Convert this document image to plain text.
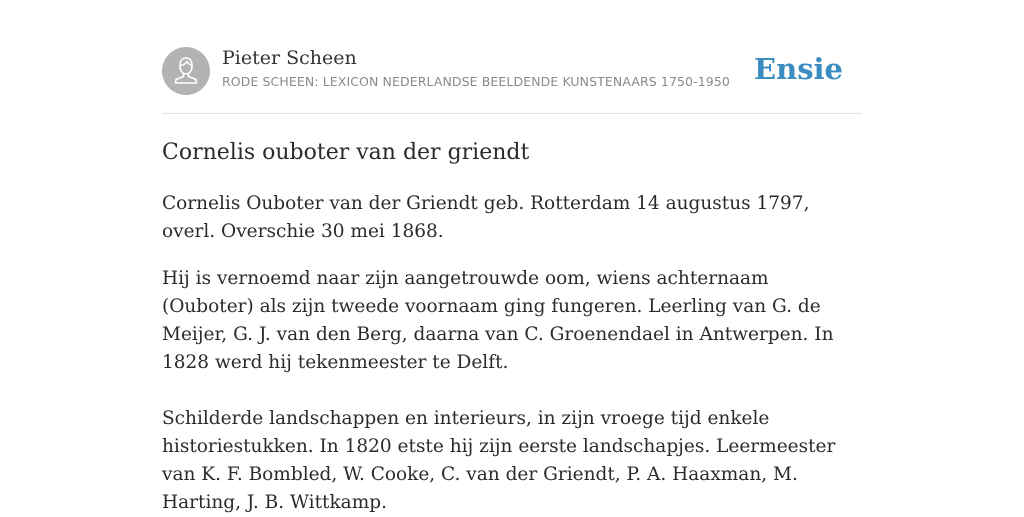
Pieter Scheen
RODE SCHEEN: LEXICON NEDERLANDSE BEELDENDE KUNSTENAARS 1750-1950 Ensie
Cornelis ouboter van der griendt

Cornelis Ouboter van der Griendt geb. Rotterdam 14 augustus 1797, overl. Overschie 30 mei 1868.

Hij is vernoemd naar zijn aangetrouwde oom, wiens achternaam (Ouboter) als zijn tweede voornaam ging fungeren. Leerling van G. de Meijer, G. J. van den Berg, daarna van C. Groenendael in Antwerpen. In 1828 werd hij tekenmeester te Delft.

Schilderde landschappen en interieurs, in zijn vroege tijd enkele historiestukken. In 1820 etste hij zijn eerste landschapjes. Leermeester van K. F. Bombled, W. Cooke, C. van der Griendt, P. A. Haaxman, M. Harting, J. B. Wittkamp.
